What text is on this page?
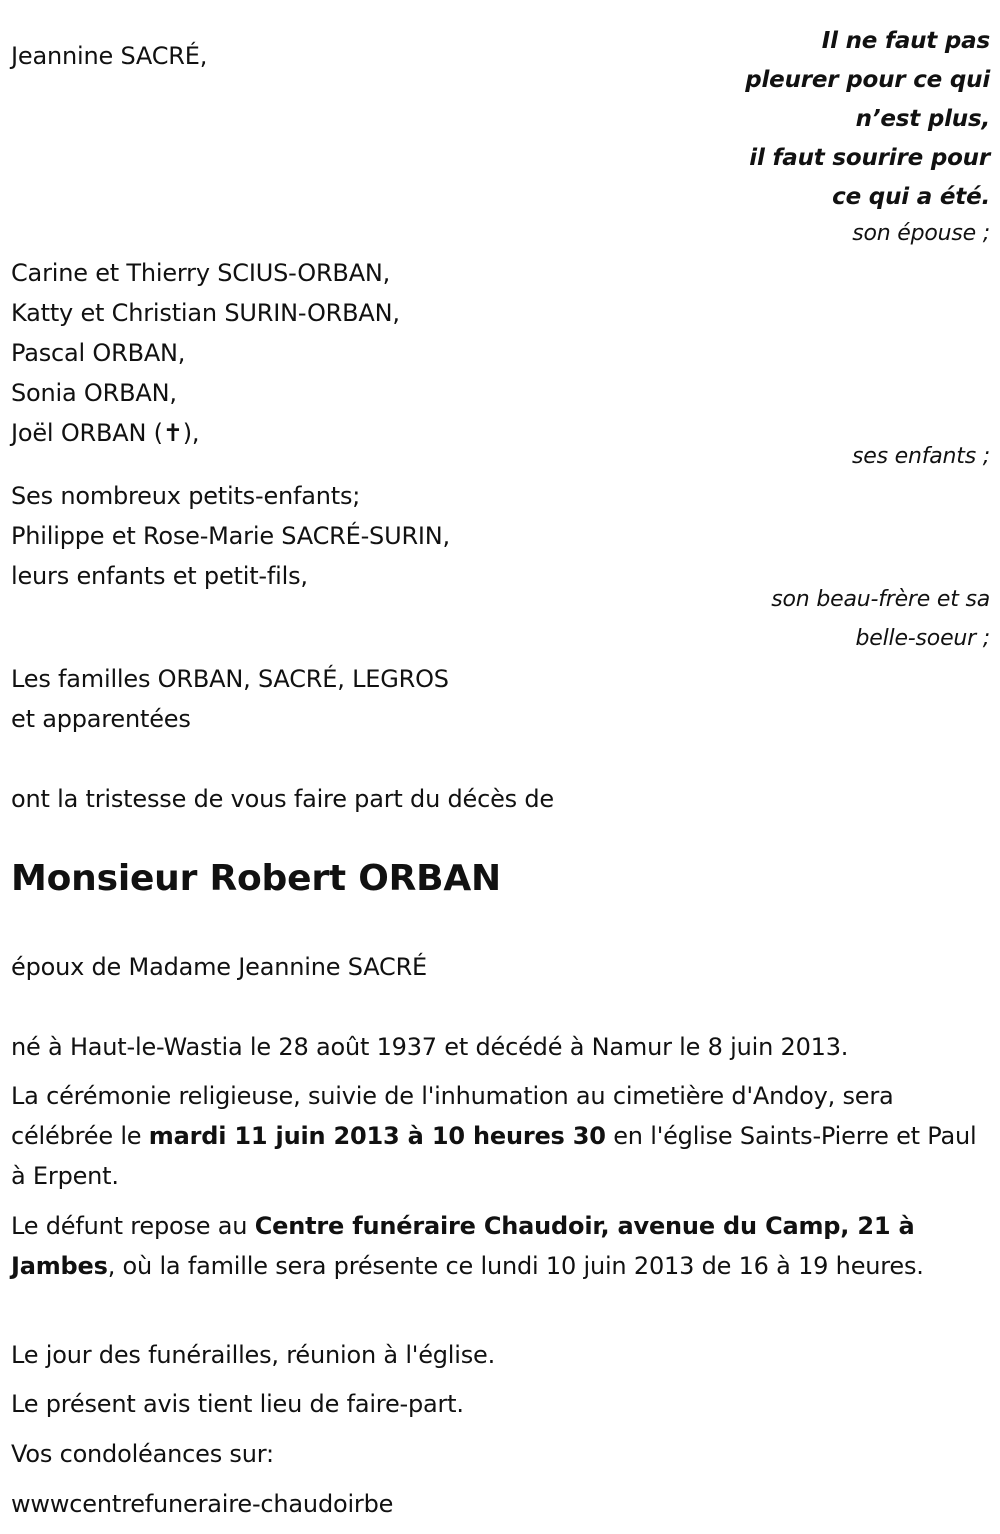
Jeannine SACRÉ,
Il ne faut pas
pleurer pour ce qui
n’est plus,
il faut sourire pour
ce qui a été.
son épouse ;
Carine et Thierry SCIUS-ORBAN,
Katty et Christian SURIN-ORBAN,
Pascal ORBAN,
Sonia ORBAN,
Joël ORBAN (✝),
ses enfants ;
Ses nombreux petits-enfants;
Philippe et Rose-Marie SACRÉ-SURIN,
leurs enfants et petit-fils,
son beau-frère et sa
belle-soeur ;
Les familles ORBAN, SACRÉ, LEGROS
et apparentées
ont la tristesse de vous faire part du décès de
Monsieur Robert ORBAN
époux de Madame Jeannine SACRÉ
né à Haut-le-Wastia le 28 août 1937 et décédé à Namur le 8 juin 2013.
La cérémonie religieuse, suivie de l'inhumation au cimetière d'Andoy, sera célébrée le mardi 11 juin 2013 à 10 heures 30 en l'église Saints-Pierre et Paul à Erpent.
Le défunt repose au Centre funéraire Chaudoir, avenue du Camp, 21 à Jambes, où la famille sera présente ce lundi 10 juin 2013 de 16 à 19 heures.
Le jour des funérailles, réunion à l'église.
Le présent avis tient lieu de faire-part.
Vos condoléances sur:
wwwcentrefuneraire-chaudoirbe
